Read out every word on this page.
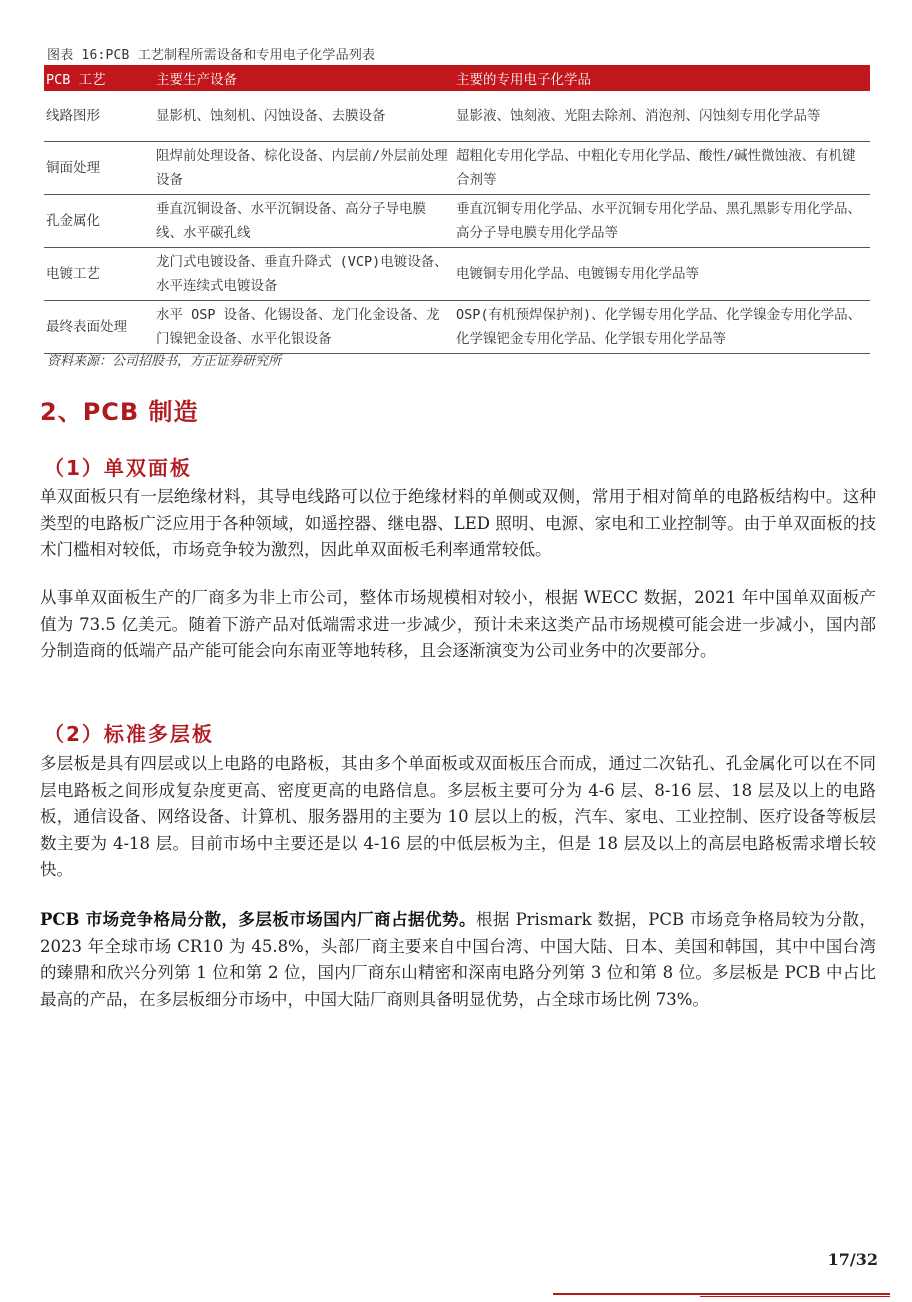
图表 16:PCB 工艺制程所需设备和专用电子化学品列表
PCB 工艺	主要生产设备	主要的专用电子化学品
线路图形	显影机、蚀刻机、闪蚀设备、去膜设备	显影液、蚀刻液、光阻去除剂、消泡剂、闪蚀刻专用化学品等
铜面处理	阻焊前处理设备、棕化设备、内层前/外层前处理设备	超粗化专用化学品、中粗化专用化学品、酸性/碱性微蚀液、有机键合剂等
孔金属化	垂直沉铜设备、水平沉铜设备、高分子导电膜线、水平碳孔线	垂直沉铜专用化学品、水平沉铜专用化学品、黑孔黑影专用化学品、高分子导电膜专用化学品等
电镀工艺	龙门式电镀设备、垂直升降式 (VCP)电镀设备、水平连续式电镀设备	电镀铜专用化学品、电镀锡专用化学品等
最终表面处理	水平 OSP 设备、化锡设备、龙门化金设备、龙门镍钯金设备、水平化银设备	OSP(有机预焊保护剂)、化学锡专用化学品、化学镍金专用化学品、化学镍钯金专用化学品、化学银专用化学品等
资料来源：公司招股书，方正证券研究所
2、PCB 制造
（1）单双面板

单双面板只有一层绝缘材料，其导电线路可以位于绝缘材料的单侧或双侧，常用于相对简单的电路板结构中。这种类型的电路板广泛应用于各种领域，如遥控器、继电器、LED 照明、电源、家电和工业控制等。由于单双面板的技术门槛相对较低，市场竞争较为激烈，因此单双面板毛利率通常较低。

从事单双面板生产的厂商多为非上市公司，整体市场规模相对较小，根据 WECC 数据，2021 年中国单双面板产值为 73.5 亿美元。随着下游产品对低端需求进一步减少，预计未来这类产品市场规模可能会进一步减小，国内部分制造商的低端产品产能可能会向东南亚等地转移，且会逐渐演变为公司业务中的次要部分。

（2）标准多层板

多层板是具有四层或以上电路的电路板，其由多个单面板或双面板压合而成，通过二次钻孔、孔金属化可以在不同层电路板之间形成复杂度更高、密度更高的电路信息。多层板主要可分为 4-6 层、8-16 层、18 层及以上的电路板，通信设备、网络设备、计算机、服务器用的主要为 10 层以上的板，汽车、家电、工业控制、医疗设备等板层数主要为 4-18 层。目前市场中主要还是以 4-16 层的中低层板为主，但是 18 层及以上的高层电路板需求增长较快。

PCB 市场竞争格局分散，多层板市场国内厂商占据优势。根据 Prismark 数据，PCB 市场竞争格局较为分散，2023 年全球市场 CR10 为 45.8%，头部厂商主要来自中国台湾、中国大陆、日本、美国和韩国，其中中国台湾的臻鼎和欣兴分列第 1 位和第 2 位，国内厂商东山精密和深南电路分列第 3 位和第 8 位。多层板是 PCB 中占比最高的产品，在多层板细分市场中，中国大陆厂商则具备明显优势，占全球市场比例 73%。

17/32
